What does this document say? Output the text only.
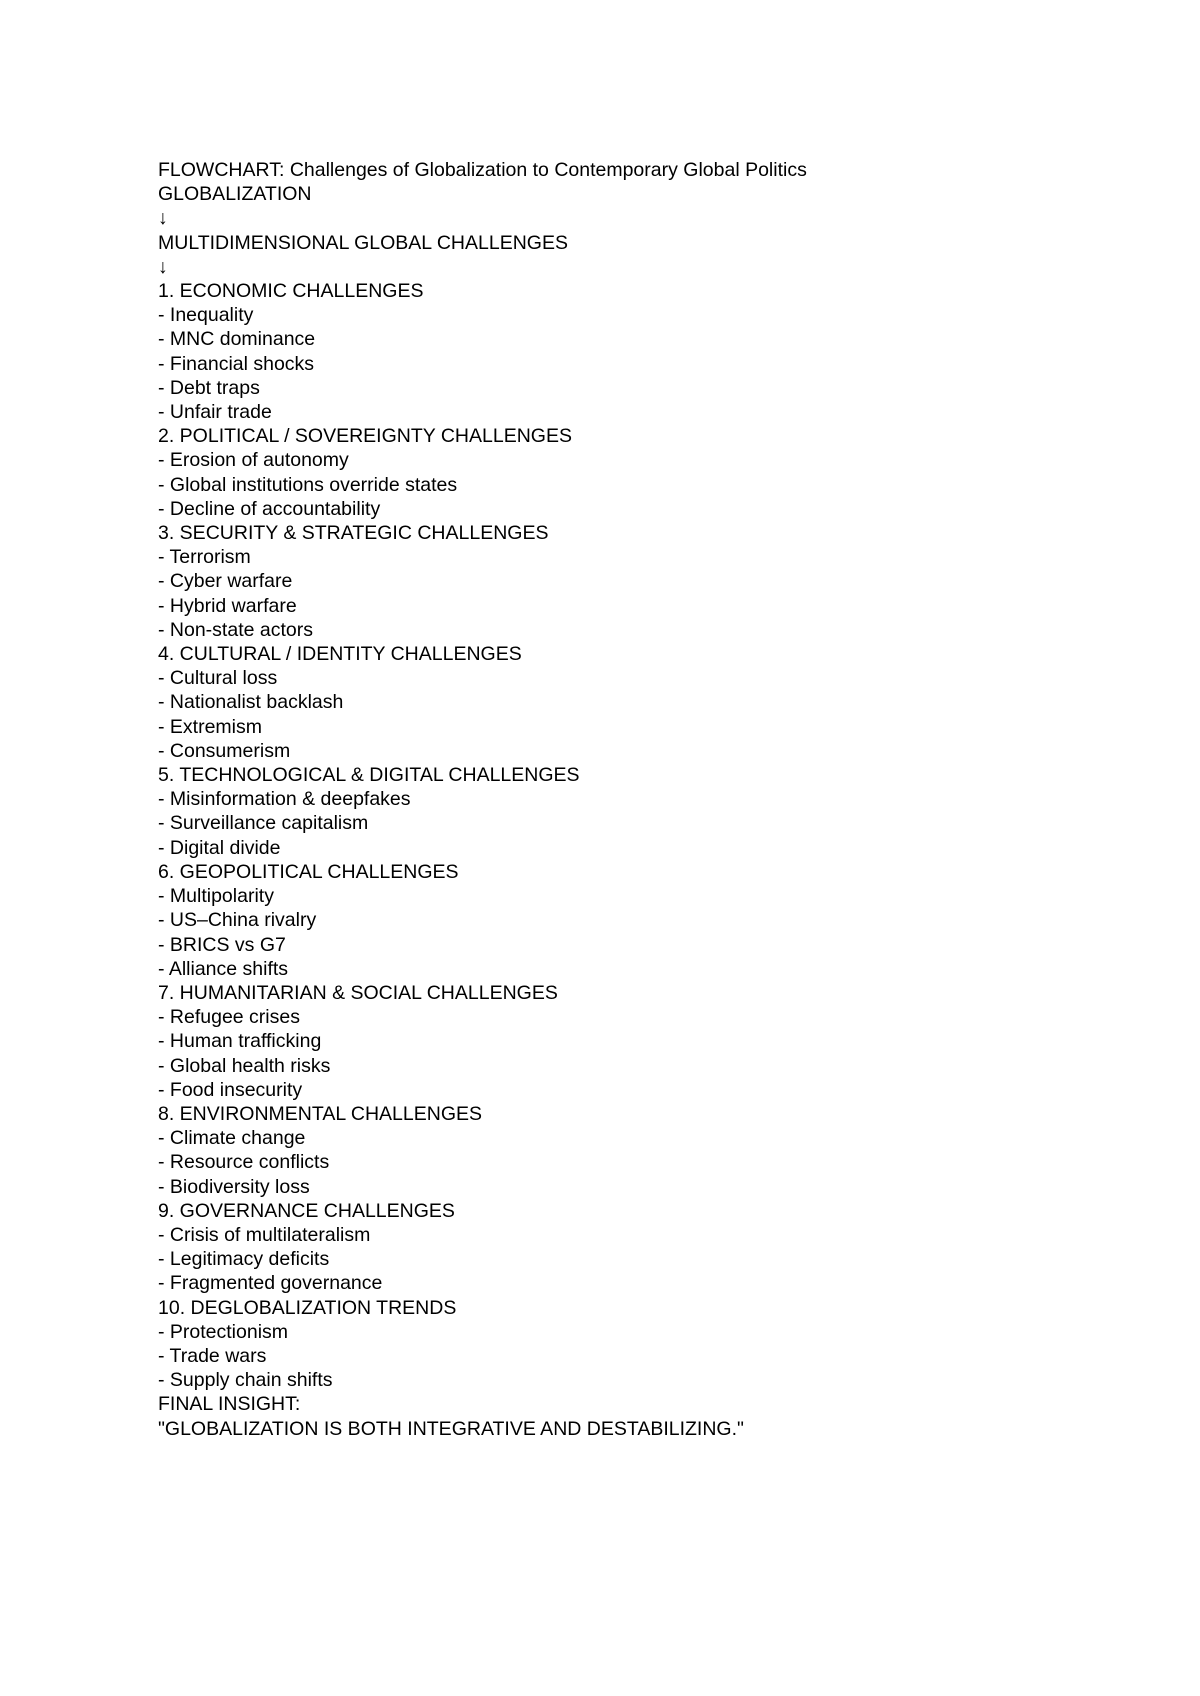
FLOWCHART: Challenges of Globalization to Contemporary Global Politics
GLOBALIZATION
↓
MULTIDIMENSIONAL GLOBAL CHALLENGES
↓
1. ECONOMIC CHALLENGES
- Inequality
- MNC dominance
- Financial shocks
- Debt traps
- Unfair trade
2. POLITICAL / SOVEREIGNTY CHALLENGES
- Erosion of autonomy
- Global institutions override states
- Decline of accountability
3. SECURITY & STRATEGIC CHALLENGES
- Terrorism
- Cyber warfare
- Hybrid warfare
- Non-state actors
4. CULTURAL / IDENTITY CHALLENGES
- Cultural loss
- Nationalist backlash
- Extremism
- Consumerism
5. TECHNOLOGICAL & DIGITAL CHALLENGES
- Misinformation & deepfakes
- Surveillance capitalism
- Digital divide
6. GEOPOLITICAL CHALLENGES
- Multipolarity
- US–China rivalry
- BRICS vs G7
- Alliance shifts
7. HUMANITARIAN & SOCIAL CHALLENGES
- Refugee crises
- Human trafficking
- Global health risks
- Food insecurity
8. ENVIRONMENTAL CHALLENGES
- Climate change
- Resource conflicts
- Biodiversity loss
9. GOVERNANCE CHALLENGES
- Crisis of multilateralism
- Legitimacy deficits
- Fragmented governance
10. DEGLOBALIZATION TRENDS
- Protectionism
- Trade wars
- Supply chain shifts
FINAL INSIGHT:
"GLOBALIZATION IS BOTH INTEGRATIVE AND DESTABILIZING."
